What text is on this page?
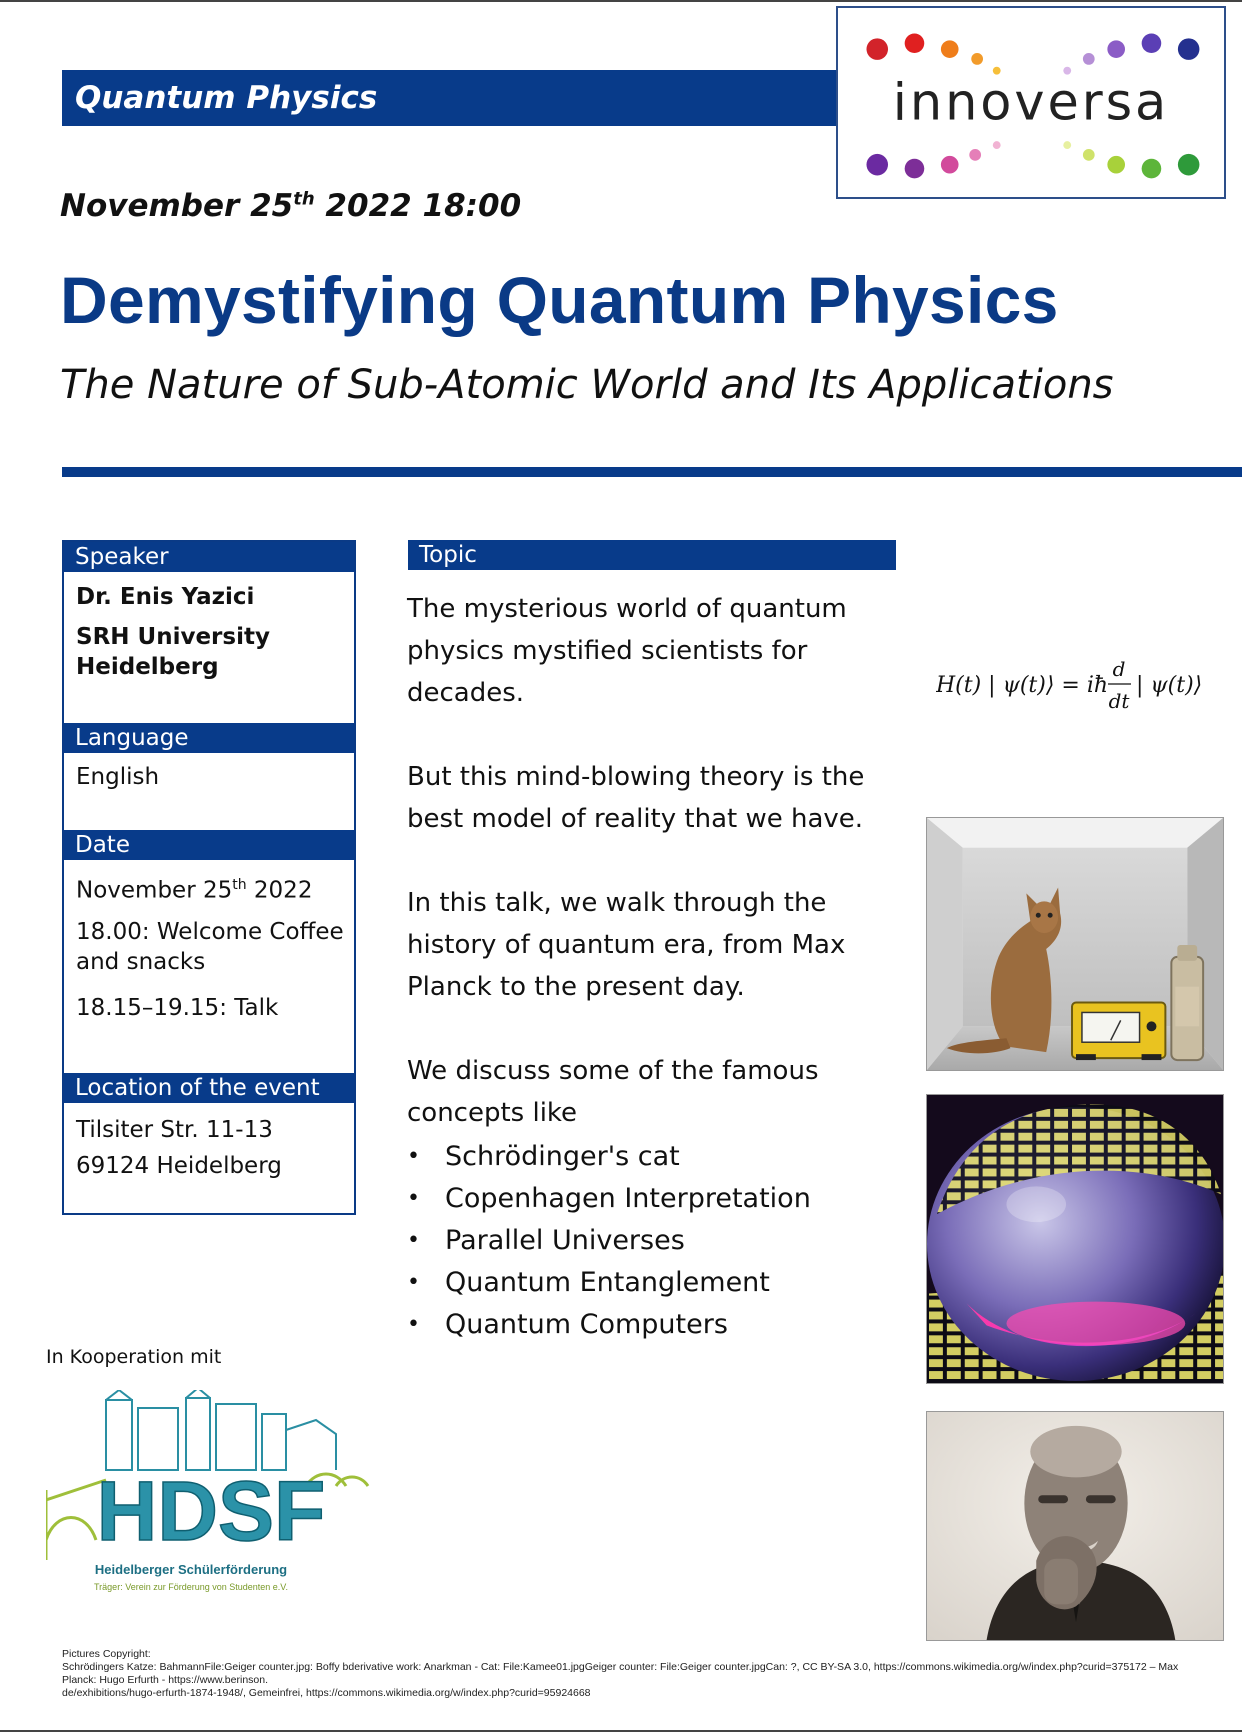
Quantum Physics	innoversa
November 25th 2022 18:00
Demystifying Quantum Physics
The Nature of Sub-Atomic World and Its Applications
Speaker
Dr. Enis Yazici
SRH University
Heidelberg
Language
English
Date
November 25th 2022
18.00: Welcome Coffee
and snacks
18.15–19.15: Talk
Location of the event
Tilsiter Str. 11-13
69124 Heidelberg
Topic
The mysterious world of quantum
physics mystified scientists for
decades.
But this mind-blowing theory is the
best model of reality that we have.
In this talk, we walk through the
history of quantum era, from Max
Planck to the present day.
We discuss some of the famous
concepts like
• Schrödinger's cat
• Copenhagen Interpretation
• Parallel Universes
• Quantum Entanglement
• Quantum Computers
H(t) | ψ(t)⟩ = iħ
d
dt
| ψ(t)⟩
In Kooperation mit
HDSF
Heidelberger Schülerförderung
Träger: Verein zur Förderung von Studenten e.V.
Pictures Copyright:
Schrödingers Katze: BahmannFile:Geiger counter.jpg: Boffy bderivative work: Anarkman - Cat: File:Kamee01.jpgGeiger counter: File:Geiger counter.jpgCan: ?, CC BY-SA 3.0, https://commons.wikimedia.org/w/index.php?curid=375172 – Max Planck: Hugo Erfurth - https://www.berinson.
de/exhibitions/hugo-erfurth-1874-1948/, Gemeinfrei, https://commons.wikimedia.org/w/index.php?curid=95924668
